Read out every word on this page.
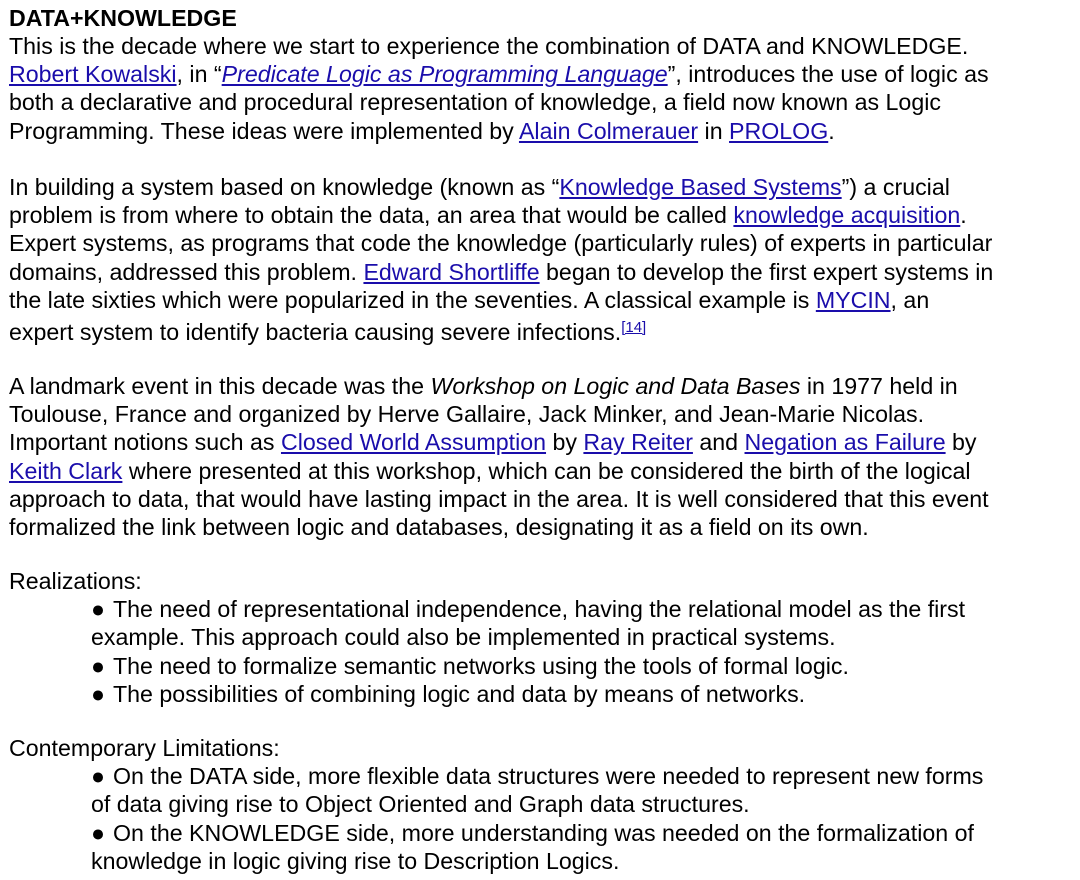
DATA+KNOWLEDGE

This is the decade where we start to experience the combination of DATA and KNOWLEDGE.
Robert Kowalski, in “Predicate Logic as Programming Language”, introduces the use of logic as
both a declarative and procedural representation of knowledge, a field now known as Logic
Programming. These ideas were implemented by Alain Colmerauer in PROLOG.

In building a system based on knowledge (known as “Knowledge Based Systems”) a crucial
problem is from where to obtain the data, an area that would be called knowledge acquisition.
Expert systems, as programs that code the knowledge (particularly rules) of experts in particular
domains, addressed this problem. Edward Shortliffe began to develop the first expert systems in
the late sixties which were popularized in the seventies. A classical example is MYCIN, an
expert system to identify bacteria causing severe infections.[14]

A landmark event in this decade was the Workshop on Logic and Data Bases in 1977 held in
Toulouse, France and organized by Herve Gallaire, Jack Minker, and Jean-Marie Nicolas.
Important notions such as Closed World Assumption by Ray Reiter and Negation as Failure by
Keith Clark where presented at this workshop, which can be considered the birth of the logical
approach to data, that would have lasting impact in the area. It is well considered that this event
formalized the link between logic and databases, designating it as a field on its own.

Realizations:
● The need of representational independence, having the relational model as the first
example. This approach could also be implemented in practical systems.
● The need to formalize semantic networks using the tools of formal logic.
● The possibilities of combining logic and data by means of networks.

Contemporary Limitations:
● On the DATA side, more flexible data structures were needed to represent new forms
of data giving rise to Object Oriented and Graph data structures.
● On the KNOWLEDGE side, more understanding was needed on the formalization of
knowledge in logic giving rise to Description Logics.
